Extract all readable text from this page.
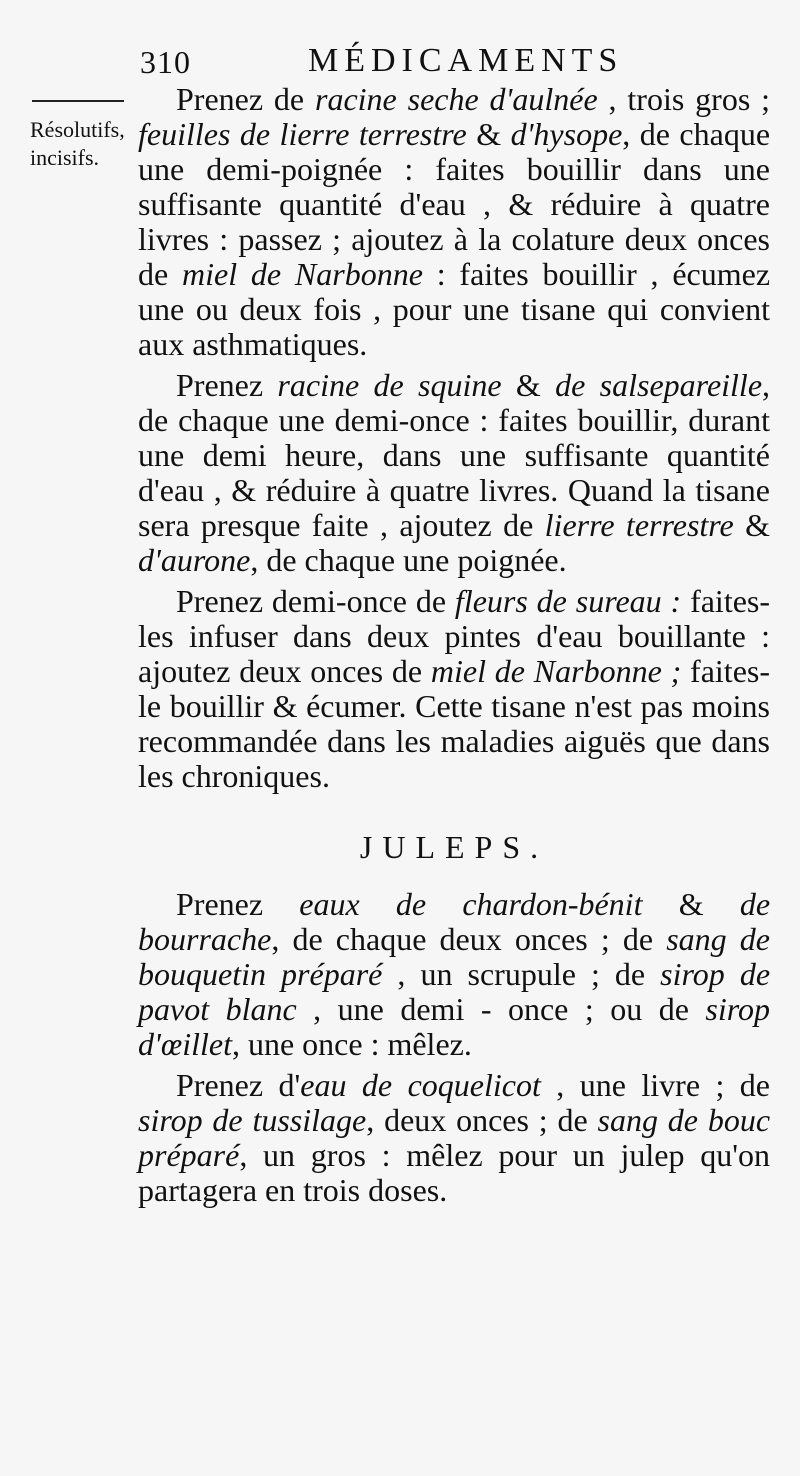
310	MÉDICAMENTS
Résolutifs, incisifs.

Prenez de racine seche d'aulnée , trois gros ; feuilles de lierre terrestre & d'hysope, de chaque une demi-poignée : faites bouillir dans une suffisante quantité d'eau , & réduire à quatre livres : passez ; ajoutez à la colature deux onces de miel de Narbonne : faites bouillir , écumez une ou deux fois , pour une tisane qui convient aux asthmatiques.

Prenez racine de squine & de salsepareille, de chaque une demi-once : faites bouillir, durant une demi heure, dans une suffisante quantité d'eau , & réduire à quatre livres. Quand la tisane sera presque faite , ajoutez de lierre terrestre & d'aurone, de chaque une poignée.

Prenez demi-once de fleurs de sureau : faites-les infuser dans deux pintes d'eau bouillante : ajoutez deux onces de miel de Narbonne ; faites-le bouillir & écumer. Cette tisane n'est pas moins recommandée dans les maladies aiguës que dans les chroniques.

JULEPS.

Prenez eaux de chardon-bénit & de bourrache, de chaque deux onces ; de sang de bouquetin préparé , un scrupule ; de sirop de pavot blanc , une demi - once ; ou de sirop d'œillet, une once : mêlez.

Prenez d'eau de coquelicot , une livre ; de sirop de tussilage, deux onces ; de sang de bouc préparé, un gros : mêlez pour un julep qu'on partagera en trois doses.
